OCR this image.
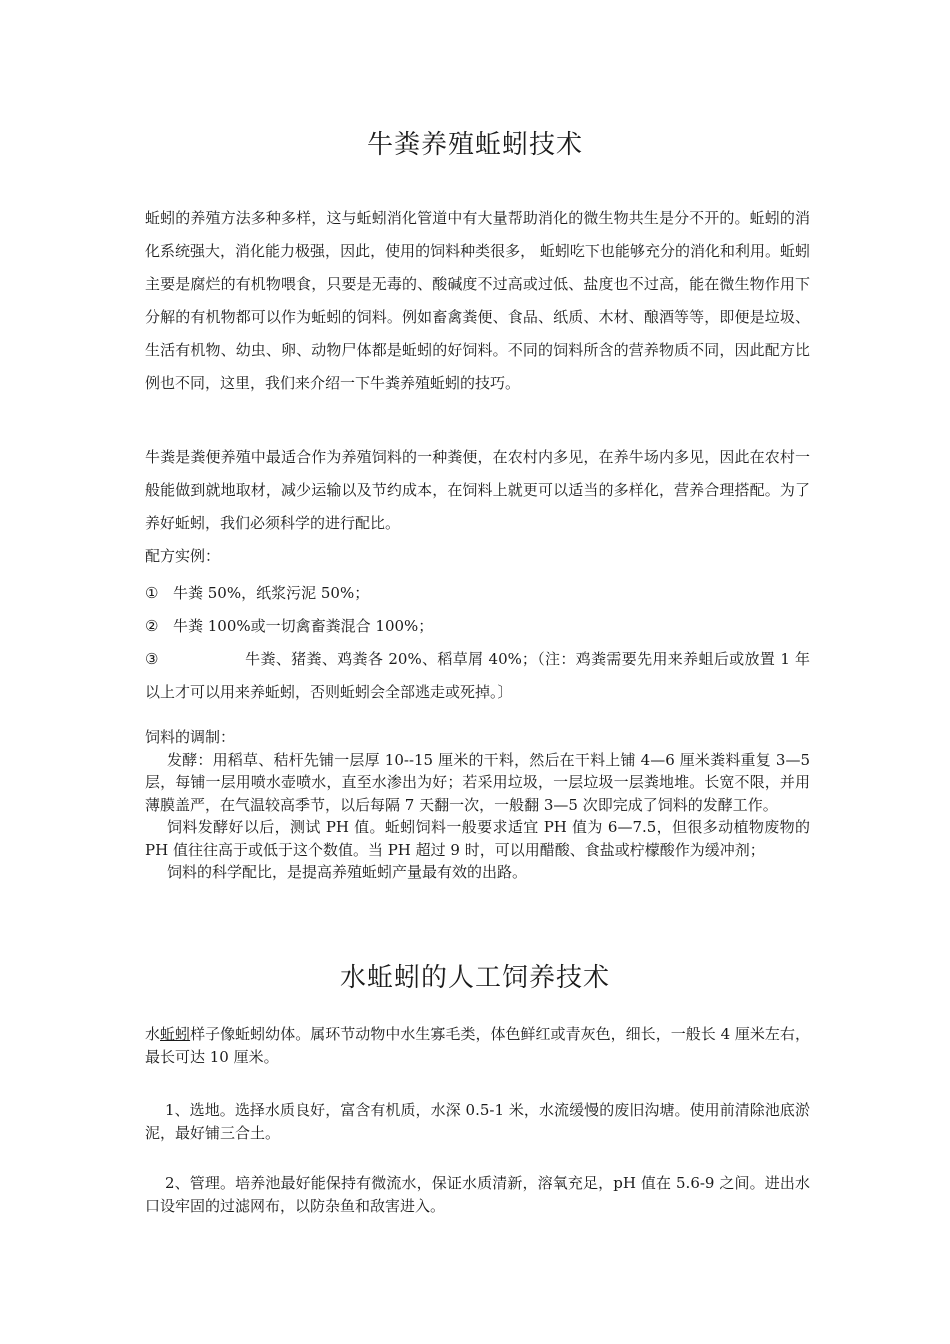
牛粪养殖蚯蚓技术

蚯蚓的养殖方法多种多样，这与蚯蚓消化管道中有大量帮助消化的微生物共生是分不开的。蚯蚓的消化系统强大，消化能力极强，因此，使用的饲料种类很多， 蚯蚓吃下也能够充分的消化和利用。蚯蚓主要是腐烂的有机物喂食，只要是无毒的、酸碱度不过高或过低、盐度也不过高，能在微生物作用下分解的有机物都可以作为蚯蚓的饲料。例如畜禽粪便、食品、纸质、木材、酿酒等等，即便是垃圾、生活有机物、幼虫、卵、动物尸体都是蚯蚓的好饲料。不同的饲料所含的营养物质不同，因此配方比例也不同，这里，我们来介绍一下牛粪养殖蚯蚓的技巧。

牛粪是粪便养殖中最适合作为养殖饲料的一种粪便，在农村内多见，在养牛场内多见，因此在农村一般能做到就地取材，减少运输以及节约成本，在饲料上就更可以适当的多样化，营养合理搭配。为了养好蚯蚓，我们必须科学的进行配比。

配方实例：

① 牛粪 50%，纸浆污泥 50%；
② 牛粪 100%或一切禽畜粪混合 100%；
③	牛粪、猪粪、鸡粪各 20%、稻草屑 40%；（注：鸡粪需要先用来养蛆后或放置 1 年以上才可以用来养蚯蚓，否则蚯蚓会全部逃走或死掉。〕

饲料的调制：

发酵：用稻草、秸杆先铺一层厚 10--15 厘米的干料，然后在干料上铺 4—6 厘米粪料重复 3—5 层，每铺一层用喷水壶喷水，直至水渗出为好；若采用垃圾，一层垃圾一层粪地堆。长宽不限，并用薄膜盖严，在气温较高季节，以后每隔 7 天翻一次，一般翻 3—5 次即完成了饲料的发酵工作。

饲料发酵好以后，测试 PH 值。蚯蚓饲料一般要求适宜 PH 值为 6—7.5，但很多动植物废物的 PH 值往往高于或低于这个数值。当 PH 超过 9 时，可以用醋酸、食盐或柠檬酸作为缓冲剂；

饲料的科学配比，是提高养殖蚯蚓产量最有效的出路。

水蚯蚓的人工饲养技术

水蚯蚓样子像蚯蚓幼体。属环节动物中水生寡毛类，体色鲜红或青灰色，细长，一般长 4 厘米左右，最长可达 10 厘米。

1、选地。选择水质良好，富含有机质，水深 0.5-1 米，水流缓慢的废旧沟塘。使用前清除池底淤泥，最好铺三合土。

2、管理。培养池最好能保持有微流水，保证水质清新，溶氧充足，pH 值在 5.6-9 之间。进出水口设牢固的过滤网布，以防杂鱼和敌害进入。
